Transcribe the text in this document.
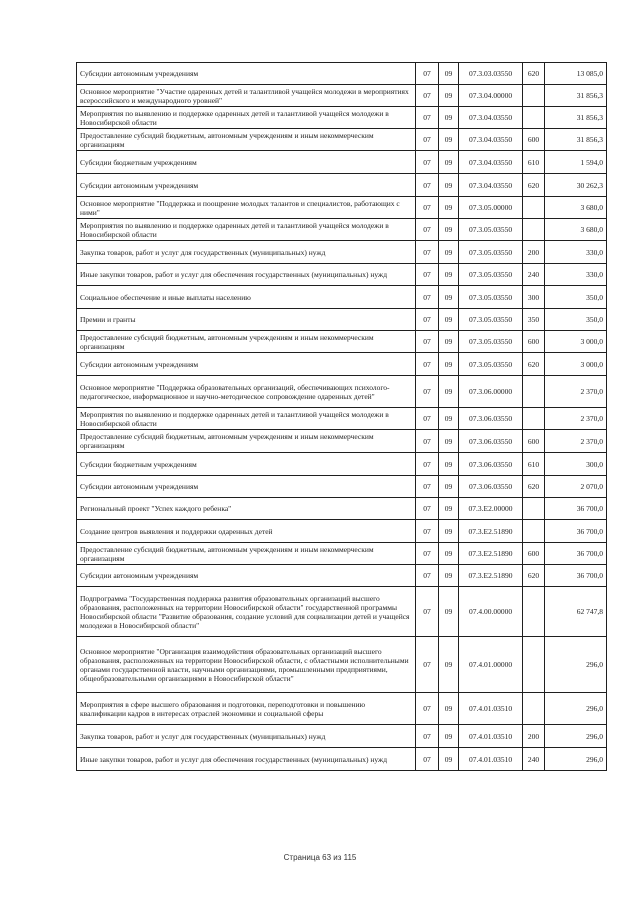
Субсидии автономным учреждениям	07	09	07.3.03.03550	620	13 085,0
Основное мероприятие "Участие одаренных детей и талантливой учащейся молодежи в мероприятиях всероссийского и международного уровней"	07	09	07.3.04.00000		31 856,3
Мероприятия по выявлению и поддержке одаренных детей и талантливой учащейся молодежи в Новосибирской области	07	09	07.3.04.03550		31 856,3
Предоставление субсидий бюджетным, автономным учреждениям и иным некоммерческим организациям	07	09	07.3.04.03550	600	31 856,3
Субсидии бюджетным учреждениям	07	09	07.3.04.03550	610	1 594,0
Субсидии автономным учреждениям	07	09	07.3.04.03550	620	30 262,3
Основное мероприятие "Поддержка и поощрение молодых талантов и специалистов, работающих с ними"	07	09	07.3.05.00000		3 680,0
Мероприятия по выявлению и поддержке одаренных детей и талантливой учащейся молодежи в Новосибирской области	07	09	07.3.05.03550		3 680,0
Закупка товаров, работ и услуг для государственных (муниципальных) нужд	07	09	07.3.05.03550	200	330,0
Иные закупки товаров, работ и услуг для обеспечения государственных (муниципальных) нужд	07	09	07.3.05.03550	240	330,0
Социальное обеспечение и иные выплаты населению	07	09	07.3.05.03550	300	350,0
Премии и гранты	07	09	07.3.05.03550	350	350,0
Предоставление субсидий бюджетным, автономным учреждениям и иным некоммерческим организациям	07	09	07.3.05.03550	600	3 000,0
Субсидии автономным учреждениям	07	09	07.3.05.03550	620	3 000,0
Основное мероприятие "Поддержка образовательных организаций, обеспечивающих психолого-педагогическое, информационное и научно-методическое сопровождение одаренных детей"	07	09	07.3.06.00000		2 370,0
Мероприятия по выявлению и поддержке одаренных детей и талантливой учащейся молодежи в Новосибирской области	07	09	07.3.06.03550		2 370,0
Предоставление субсидий бюджетным, автономным учреждениям и иным некоммерческим организациям	07	09	07.3.06.03550	600	2 370,0
Субсидии бюджетным учреждениям	07	09	07.3.06.03550	610	300,0
Субсидии автономным учреждениям	07	09	07.3.06.03550	620	2 070,0
Региональный проект "Успех каждого ребенка"	07	09	07.3.E2.00000		36 700,0
Создание центров выявления и поддержки одаренных детей	07	09	07.3.E2.51890		36 700,0
Предоставление субсидий бюджетным, автономным учреждениям и иным некоммерческим организациям	07	09	07.3.E2.51890	600	36 700,0
Субсидии автономным учреждениям	07	09	07.3.E2.51890	620	36 700,0
Подпрограмма "Государственная поддержка развития образовательных организаций высшего образования, расположенных на территории Новосибирской области" государственной программы Новосибирской области "Развитие образования, создание условий для социализации детей и учащейся молодежи в Новосибирской области"	07	09	07.4.00.00000		62 747,8
Основное мероприятие "Организация взаимодействия образовательных организаций высшего образования, расположенных на территории Новосибирской области, с областными исполнительными органами государственной власти, научными организациями, промышленными предприятиями, общеобразовательными организациями в Новосибирской области"	07	09	07.4.01.00000		296,0
Мероприятия в сфере высшего образования и подготовки, переподготовки и повышению квалификации кадров в интересах отраслей экономики и социальной сферы	07	09	07.4.01.03510		296,0
Закупка товаров, работ и услуг для государственных (муниципальных) нужд	07	09	07.4.01.03510	200	296,0
Иные закупки товаров, работ и услуг для обеспечения государственных (муниципальных) нужд	07	09	07.4.01.03510	240	296,0
Страница 63 из 115
